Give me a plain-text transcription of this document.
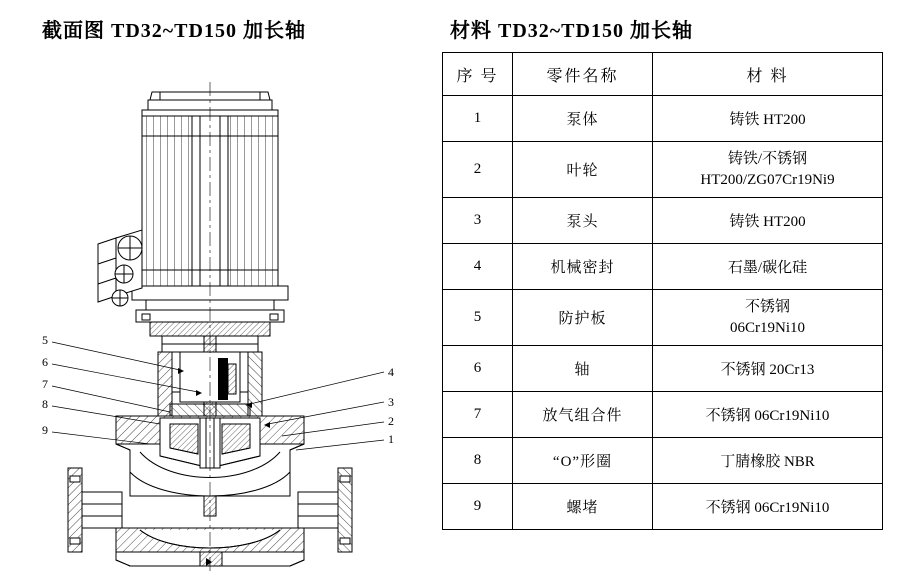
截面图 TD32~TD150 加长轴
5
6
7
8
9
4
3
2
1
材料 TD32~TD150 加长轴
序 号	零件名称	材 料
1	泵体	铸铁 HT200

2	叶轮	铸铁/不锈钢
HT200/ZG07Cr19Ni9

3	泵头	铸铁 HT200

4	机械密封	石墨/碳化硅

5	防护板	不锈钢
06Cr19Ni10

6	轴	不锈钢 20Cr13

7	放气组合件	不锈钢 06Cr19Ni10

8	“O”形圈	丁腈橡胶 NBR

9	螺堵	不锈钢 06Cr19Ni10
